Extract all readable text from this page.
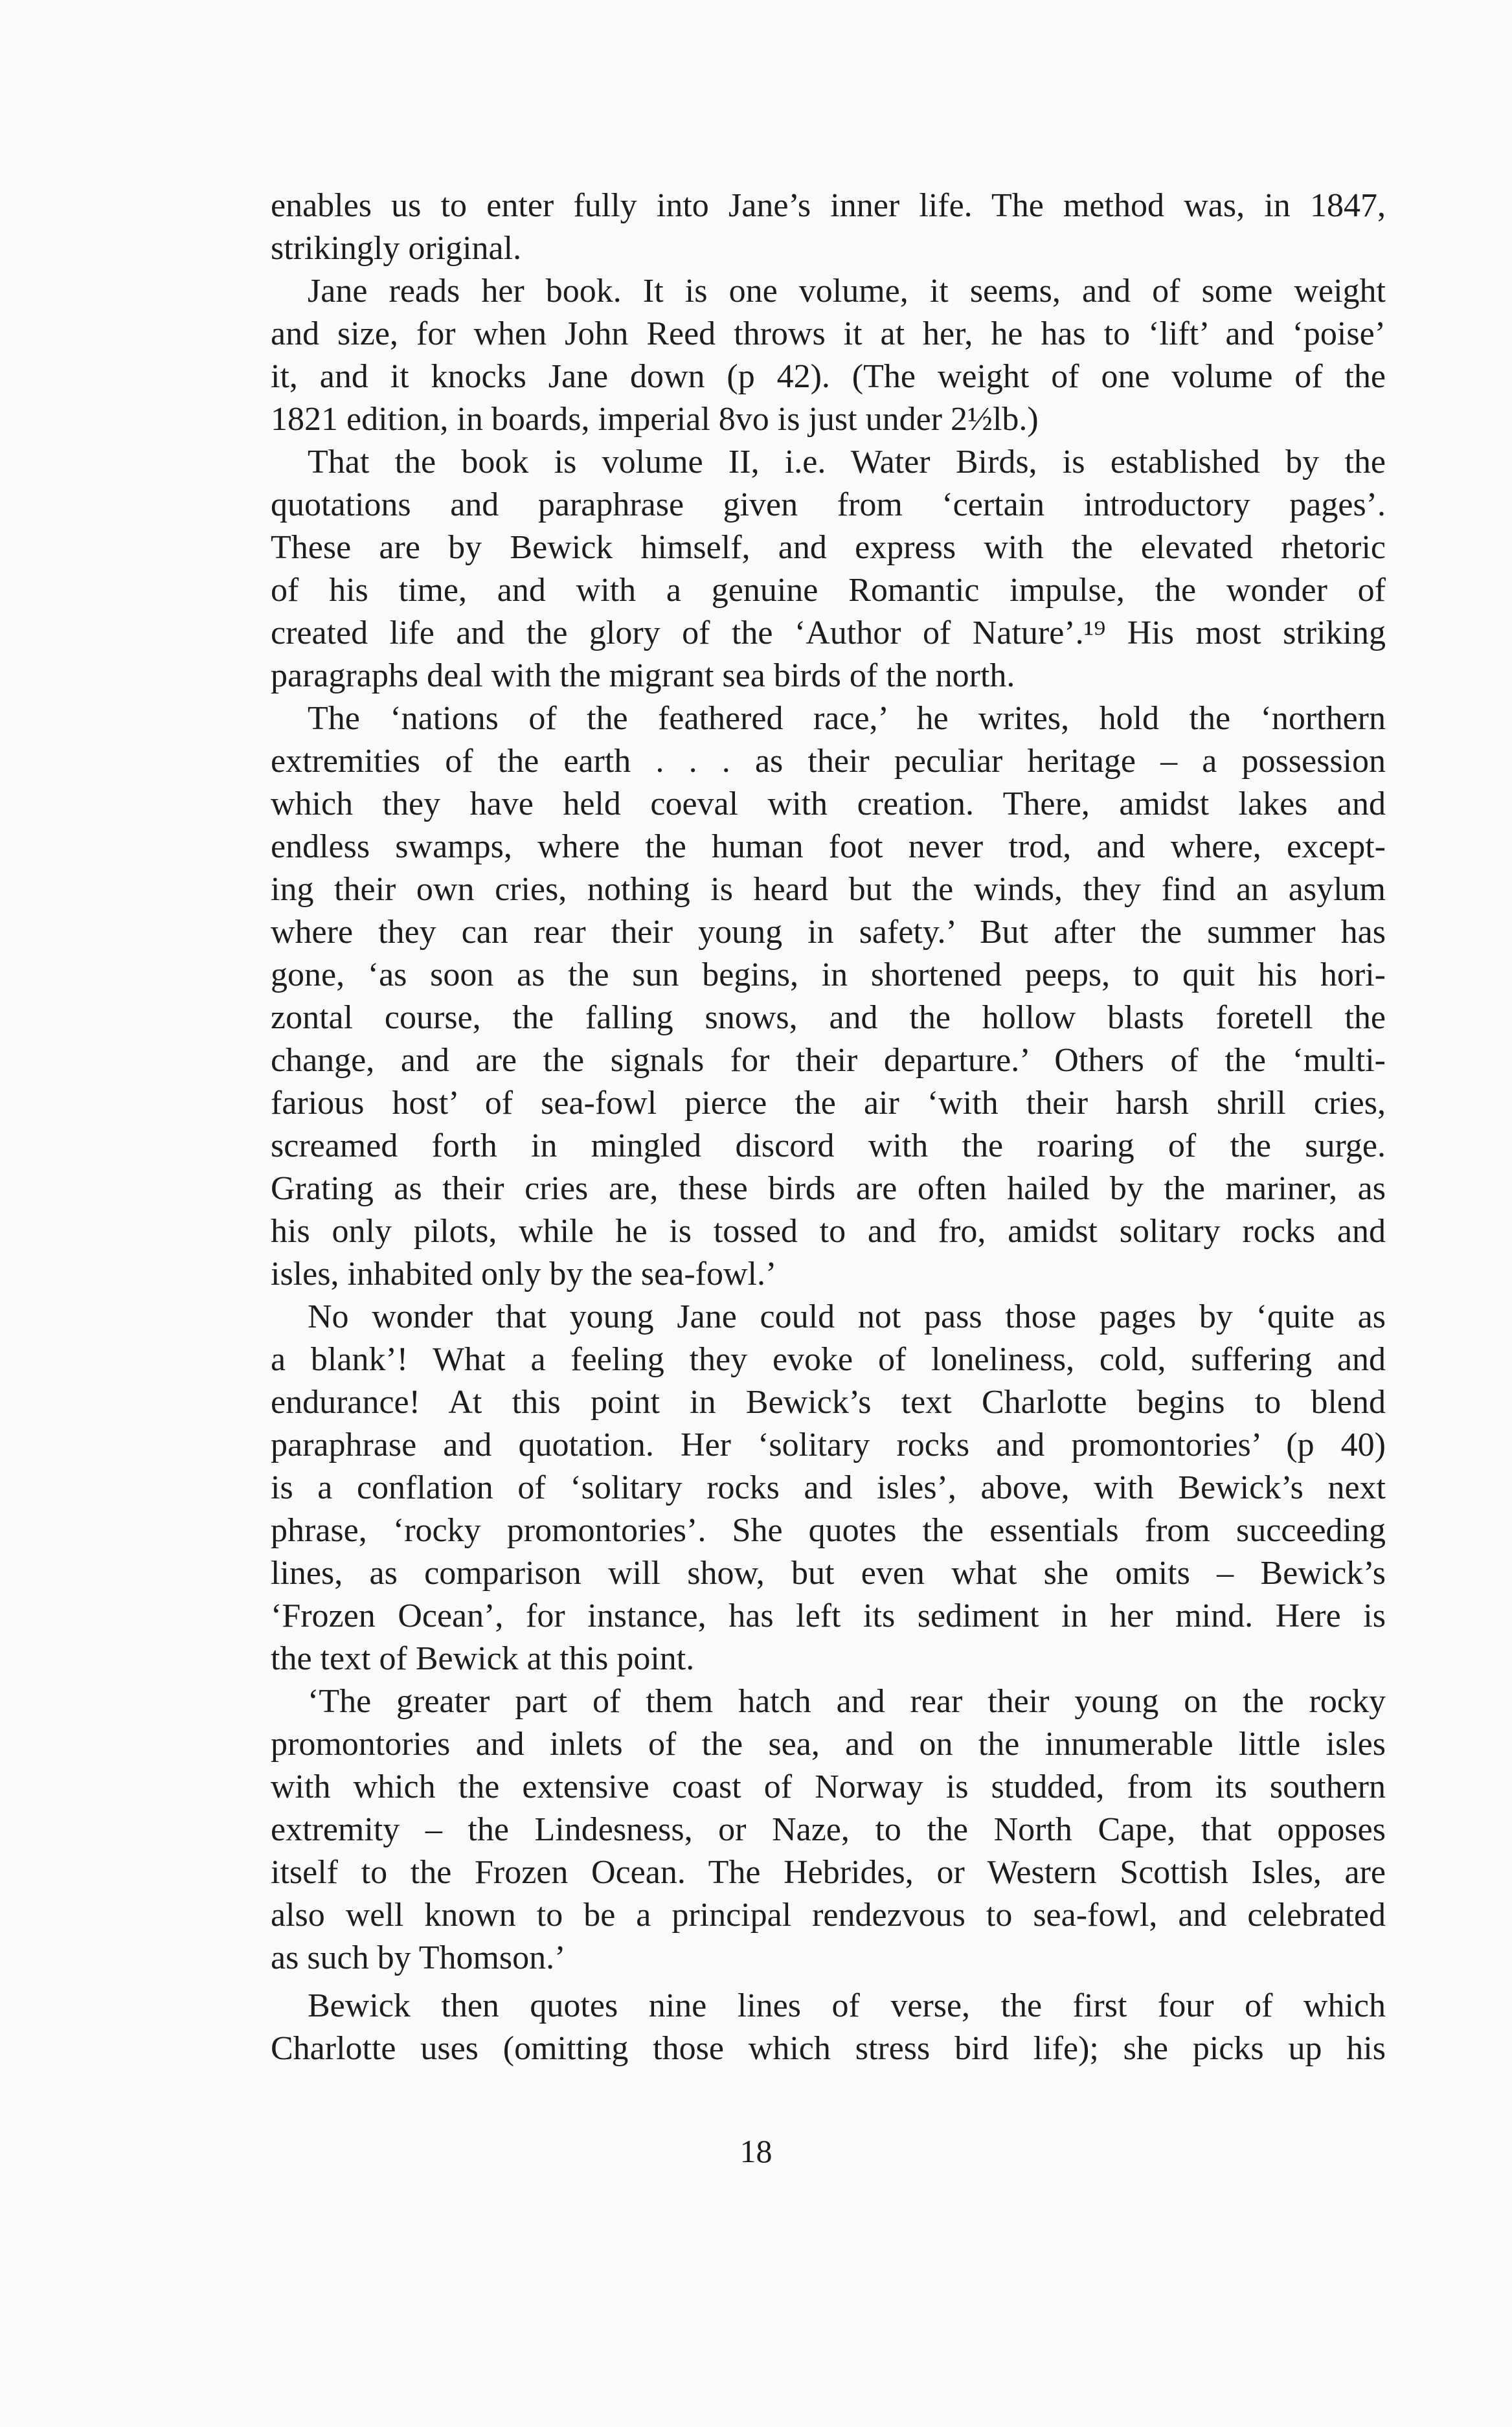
enables us to enter fully into Jane’s inner life. The method was, in 1847,
strikingly original.
Jane reads her book. It is one volume, it seems, and of some weight
and size, for when John Reed throws it at her, he has to ‘lift’ and ‘poise’
it, and it knocks Jane down (p 42). (The weight of one volume of the
1821 edition, in boards, imperial 8vo is just under 2½lb.)
That the book is volume II, i.e. Water Birds, is established by the
quotations and paraphrase given from ‘certain introductory pages’.
These are by Bewick himself, and express with the elevated rhetoric
of his time, and with a genuine Romantic impulse, the wonder of
created life and the glory of the ‘Author of Nature’.¹⁹ His most striking
paragraphs deal with the migrant sea birds of the north.
The ‘nations of the feathered race,’ he writes, hold the ‘northern
extremities of the earth . . . as their peculiar heritage – a possession
which they have held coeval with creation. There, amidst lakes and
endless swamps, where the human foot never trod, and where, except-
ing their own cries, nothing is heard but the winds, they find an asylum
where they can rear their young in safety.’ But after the summer has
gone, ‘as soon as the sun begins, in shortened peeps, to quit his hori-
zontal course, the falling snows, and the hollow blasts foretell the
change, and are the signals for their departure.’ Others of the ‘multi-
farious host’ of sea-fowl pierce the air ‘with their harsh shrill cries,
screamed forth in mingled discord with the roaring of the surge.
Grating as their cries are, these birds are often hailed by the mariner, as
his only pilots, while he is tossed to and fro, amidst solitary rocks and
isles, inhabited only by the sea-fowl.’
No wonder that young Jane could not pass those pages by ‘quite as
a blank’! What a feeling they evoke of loneliness, cold, suffering and
endurance! At this point in Bewick’s text Charlotte begins to blend
paraphrase and quotation. Her ‘solitary rocks and promontories’ (p 40)
is a conflation of ‘solitary rocks and isles’, above, with Bewick’s next
phrase, ‘rocky promontories’. She quotes the essentials from succeeding
lines, as comparison will show, but even what she omits – Bewick’s
‘Frozen Ocean’, for instance, has left its sediment in her mind. Here is
the text of Bewick at this point.
‘The greater part of them hatch and rear their young on the rocky
promontories and inlets of the sea, and on the innumerable little isles
with which the extensive coast of Norway is studded, from its southern
extremity – the Lindesness, or Naze, to the North Cape, that opposes
itself to the Frozen Ocean. The Hebrides, or Western Scottish Isles, are
also well known to be a principal rendezvous to sea-fowl, and celebrated
as such by Thomson.’
Bewick then quotes nine lines of verse, the first four of which
Charlotte uses (omitting those which stress bird life); she picks up his
18
